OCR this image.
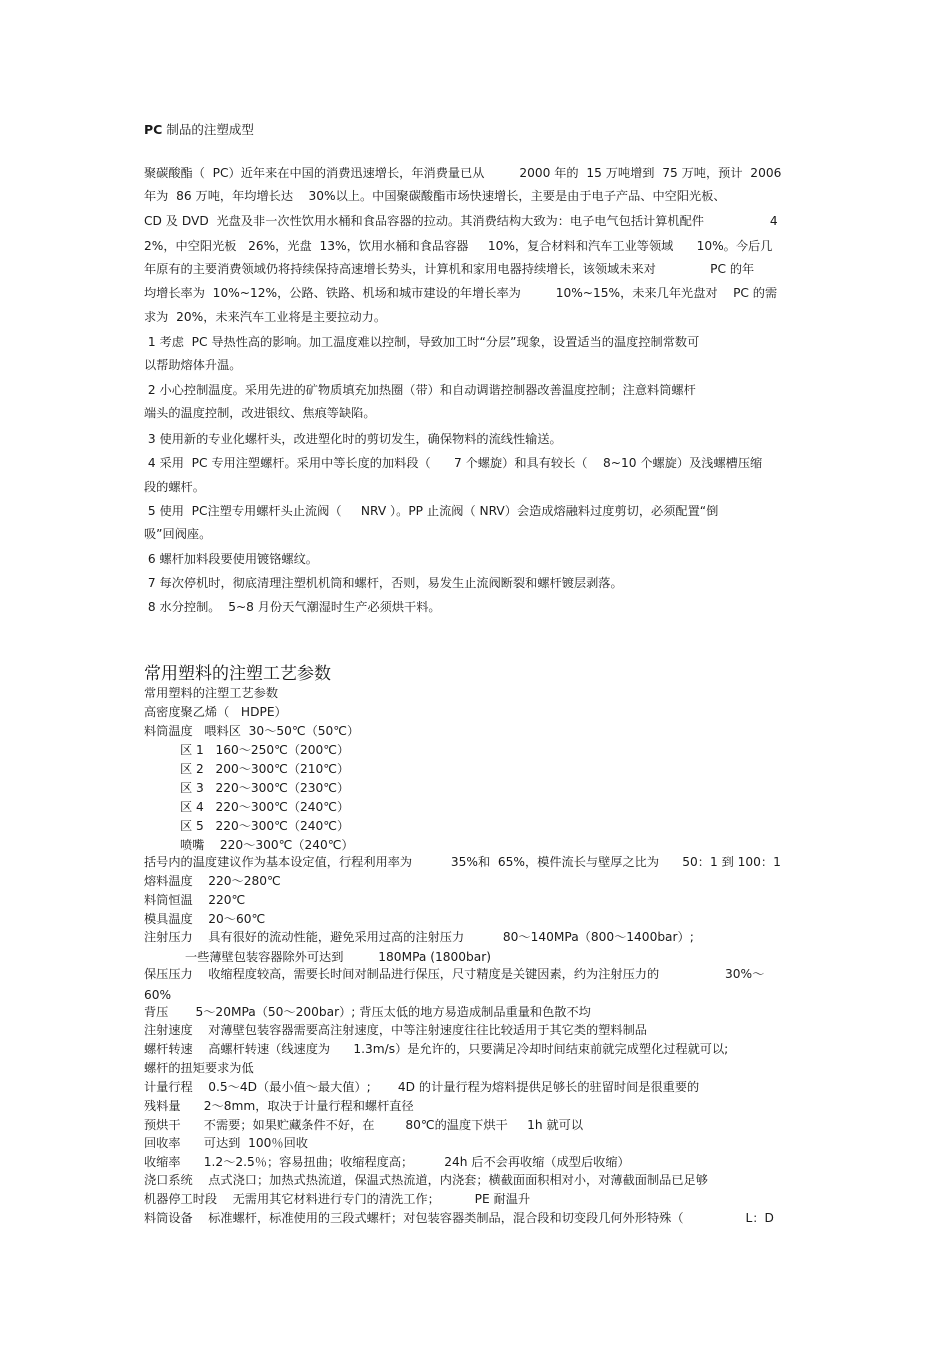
PC 制品的注塑成型
聚碳酸酯（  PC）近年来在中国的消费迅速增长，年消费量已从         2000 年的  15 万吨增到  75 万吨，预计  2006
年为  86 万吨，年均增长达    30%以上。中国聚碳酸酯市场快速增长，主要是由于电子产品、中空阳光板、
CD 及 DVD  光盘及非一次性饮用水桶和食品容器的拉动。其消费结构大致为：电子电气包括计算机配件                 4
2%，中空阳光板   26%，光盘  13%，饮用水桶和食品容器     10%，复合材料和汽车工业等领域      10%。今后几
年原有的主要消费领域仍将持续保持高速增长势头，计算机和家用电器持续增长，该领域未来对              PC 的年
均增长率为  10%~12%，公路、铁路、机场和城市建设的年增长率为         10%~15%，未来几年光盘对    PC 的需
求为  20%，未来汽车工业将是主要拉动力。
1 考虑  PC 导热性高的影响。加工温度难以控制，导致加工时“分层”现象，设置适当的温度控制常数可
以帮助熔体升温。
2 小心控制温度。采用先进的矿物质填充加热圈（带）和自动调谐控制器改善温度控制；注意料筒螺杆
端头的温度控制，改进银纹、焦痕等缺陷。
3 使用新的专业化螺杆头，改进塑化时的剪切发生，确保物料的流线性输送。
4 采用  PC 专用注塑螺杆。采用中等长度的加料段（      7 个螺旋）和具有较长（    8~10 个螺旋）及浅螺槽压缩
段的螺杆。
5 使用  PC注塑专用螺杆头止流阀（     NRV ）。PP 止流阀（ NRV）会造成熔融料过度剪切，必须配置“倒
吸”回阀座。
6 螺杆加料段要使用镀铬螺纹。
7 每次停机时，彻底清理注塑机机筒和螺杆，否则，易发生止流阀断裂和螺杆镀层剥落。
8 水分控制。  5~8 月份天气潮湿时生产必须烘干料。
常用塑料的注塑工艺参数
常用塑料的注塑工艺参数
高密度聚乙烯（   HDPE）
料筒温度   喂料区  30～50℃（50℃）
区 1   160～250℃（200℃）
区 2   200～300℃（210℃）
区 3   220～300℃（230℃）
区 4   220～300℃（240℃）
区 5   220～300℃（240℃）
喷嘴    220～300℃（240℃）
括号内的温度建议作为基本设定值，行程利用率为          35%和  65%，模件流长与壁厚之比为      50：1 到 100：1
熔料温度    220～280℃
料筒恒温    220℃
模具温度    20～60℃
注射压力    具有很好的流动性能，避免采用过高的注射压力          80～140MPa（800～1400bar）;
一些薄壁包装容器除外可达到         180MPa (1800bar)
保压压力    收缩程度较高，需要长时间对制品进行保压，尺寸精度是关键因素，约为注射压力的                 30%～
60%
背压       5～20MPa（50～200bar）; 背压太低的地方易造成制品重量和色散不均
注射速度    对薄壁包装容器需要高注射速度，中等注射速度往往比较适用于其它类的塑料制品
螺杆转速    高螺杆转速（线速度为      1.3m/s）是允许的，只要满足冷却时间结束前就完成塑化过程就可以;
螺杆的扭矩要求为低
计量行程    0.5～4D（最小值～最大值）;       4D 的计量行程为熔料提供足够长的驻留时间是很重要的
残料量      2～8mm，取决于计量行程和螺杆直径
预烘干      不需要；如果贮藏条件不好，在        80℃的温度下烘干     1h 就可以
回收率      可达到  100％回收
收缩率      1.2～2.5％；容易扭曲；收缩程度高；        24h 后不会再收缩（成型后收缩）
浇口系统    点式浇口；加热式热流道，保温式热流道，内浇套；横截面面积相对小，对薄截面制品已足够
机器停工时段    无需用其它材料进行专门的清洗工作；         PE 耐温升
料筒设备    标准螺杆，标准使用的三段式螺杆；对包装容器类制品，混合段和切变段几何外形特殊（                L：D
